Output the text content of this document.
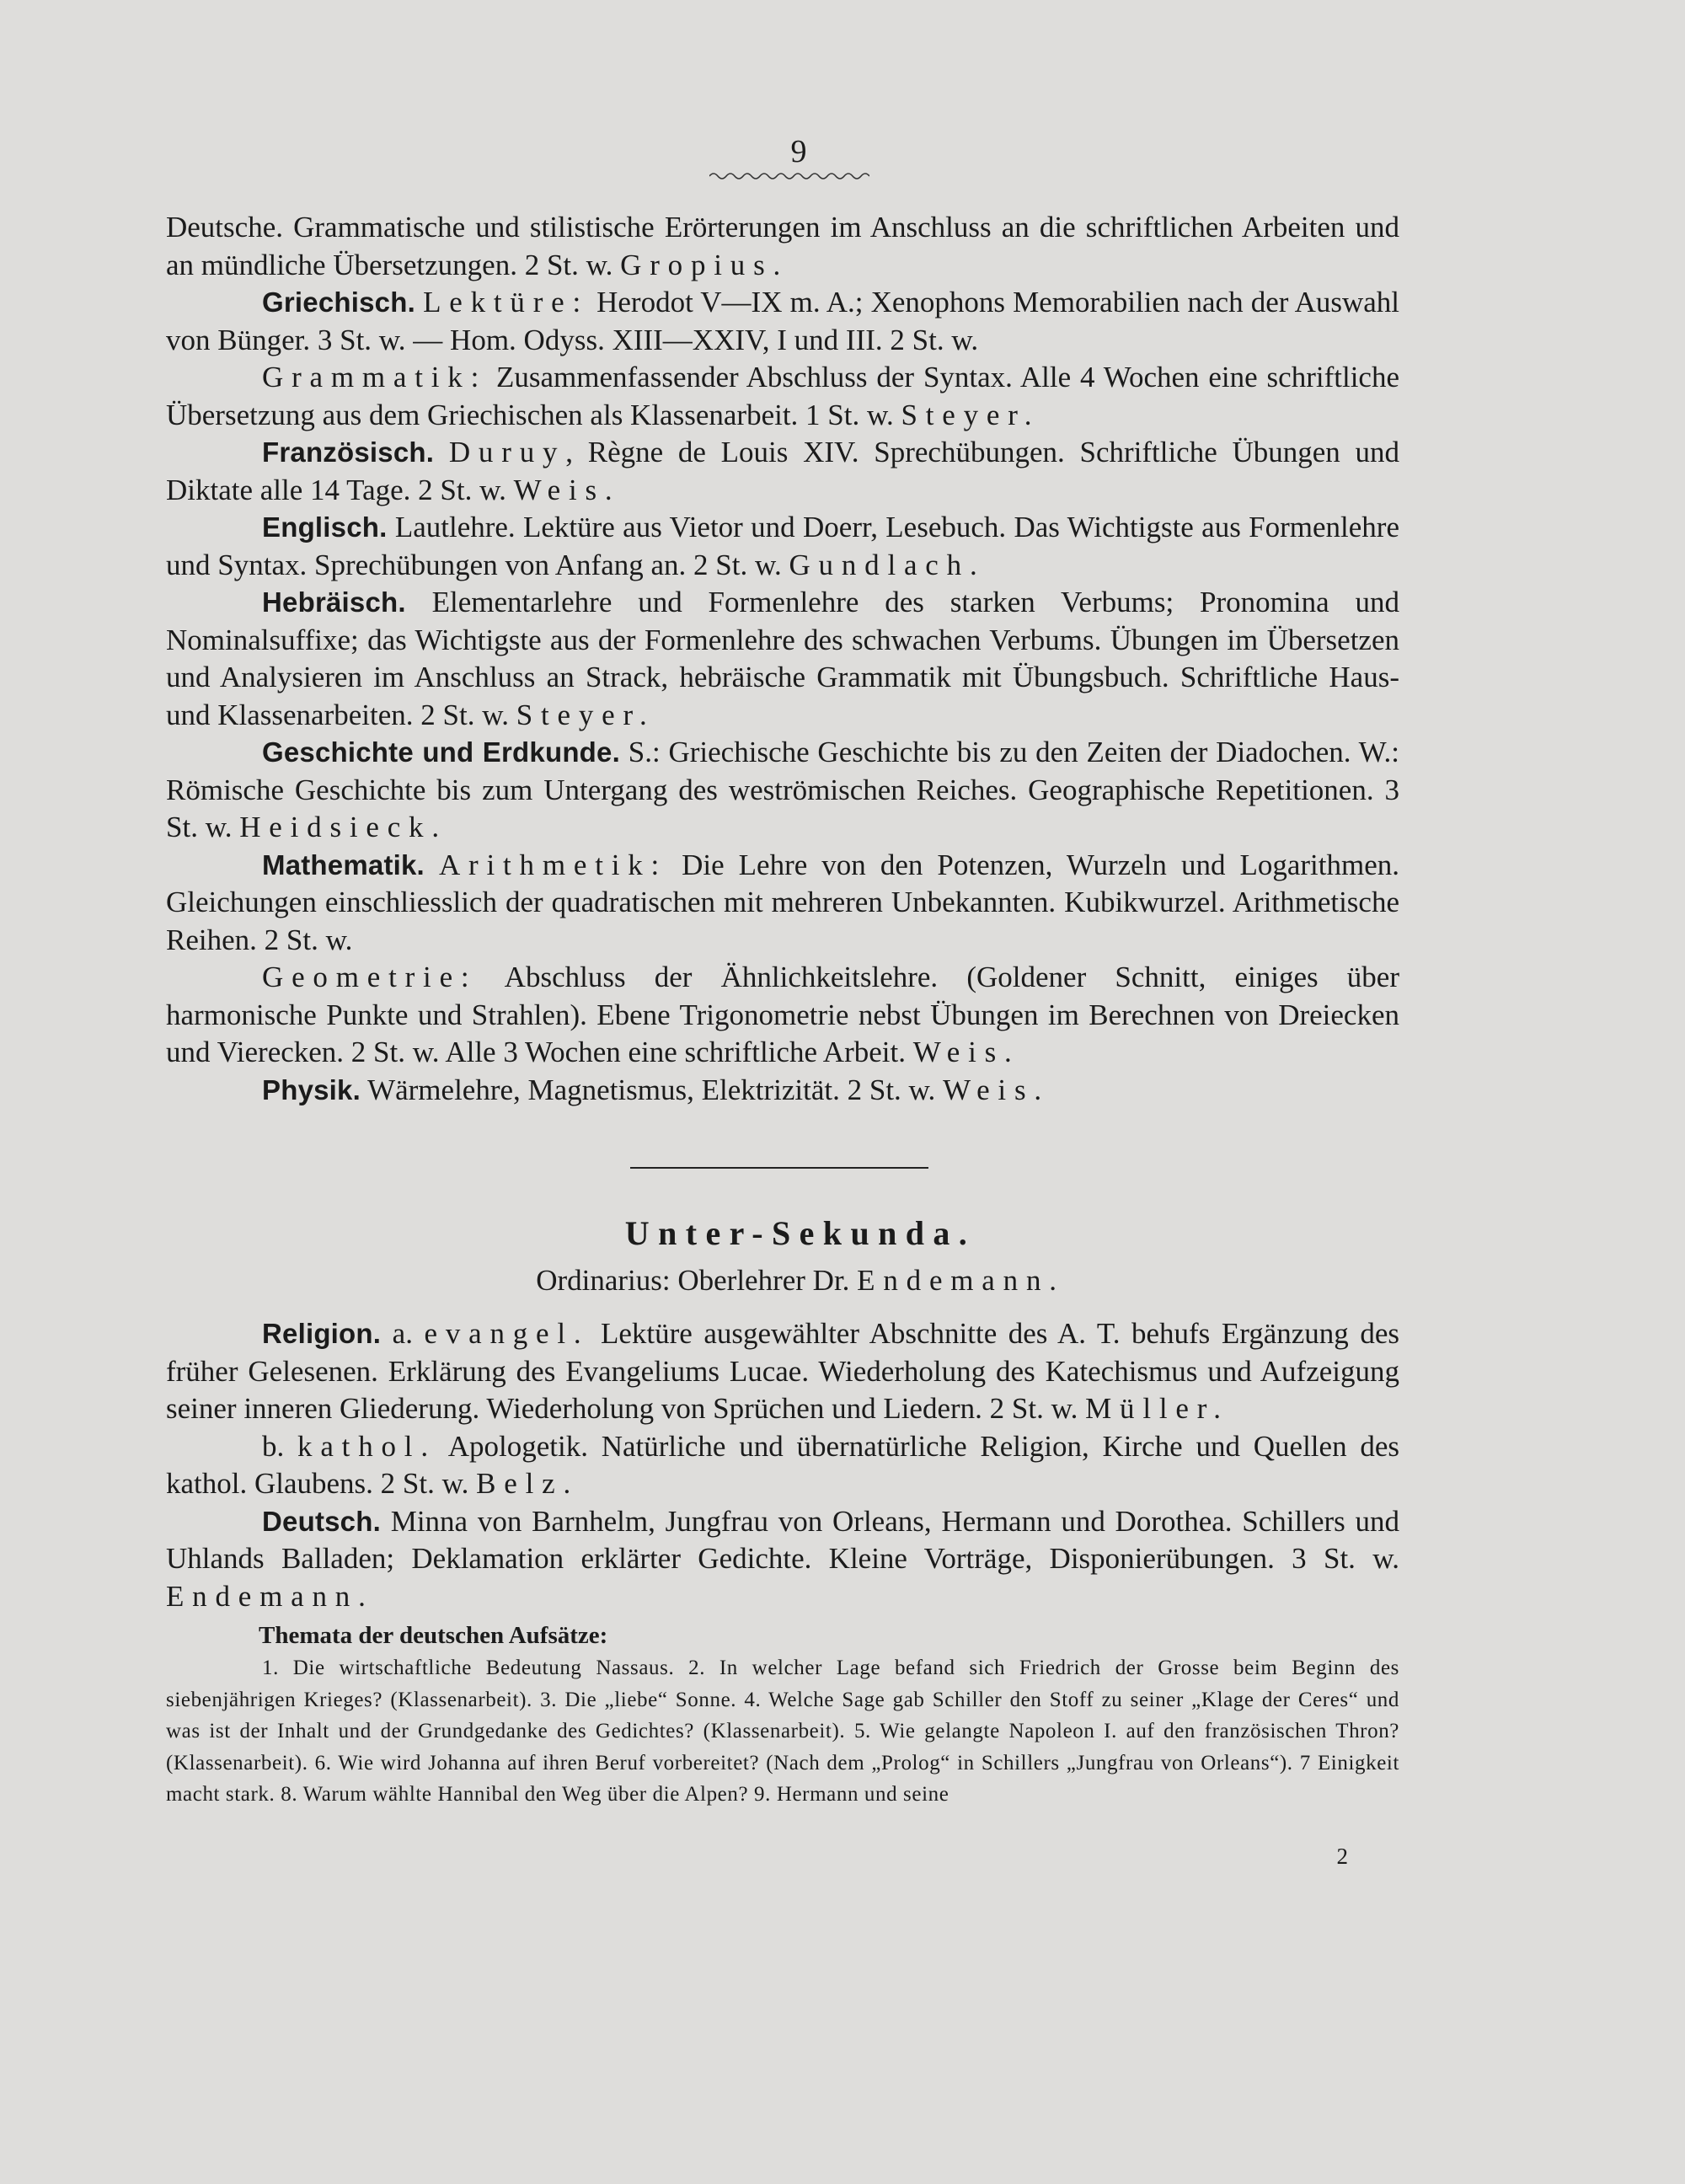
9

Deutsche. Grammatische und stilistische Erörterungen im Anschluss an die schriftlichen Arbeiten und an mündliche Übersetzungen. 2 St. w. Gropius.

Griechisch. Lektüre: Herodot V—IX m. A.; Xenophons Memorabilien nach der Auswahl von Bünger. 3 St. w. — Hom. Odyss. XIII—XXIV, I und III. 2 St. w.

Grammatik: Zusammenfassender Abschluss der Syntax. Alle 4 Wochen eine schriftliche Übersetzung aus dem Griechischen als Klassenarbeit. 1 St. w. Steyer.

Französisch. Duruy, Règne de Louis XIV. Sprechübungen. Schriftliche Übungen und Diktate alle 14 Tage. 2 St. w. Weis.

Englisch. Lautlehre. Lektüre aus Vietor und Doerr, Lesebuch. Das Wichtigste aus Formenlehre und Syntax. Sprechübungen von Anfang an. 2 St. w. Gundlach.

Hebräisch. Elementarlehre und Formenlehre des starken Verbums; Pronomina und Nominalsuffixe; das Wichtigste aus der Formenlehre des schwachen Verbums. Übungen im Übersetzen und Analysieren im Anschluss an Strack, hebräische Grammatik mit Übungsbuch. Schriftliche Haus- und Klassenarbeiten. 2 St. w. Steyer.

Geschichte und Erdkunde. S.: Griechische Geschichte bis zu den Zeiten der Diadochen. W.: Römische Geschichte bis zum Untergang des weströmischen Reiches. Geographische Repetitionen. 3 St. w. Heidsieck.

Mathematik. Arithmetik: Die Lehre von den Potenzen, Wurzeln und Logarithmen. Gleichungen einschliesslich der quadratischen mit mehreren Unbekannten. Kubikwurzel. Arithmetische Reihen. 2 St. w.

Geometrie: Abschluss der Ähnlichkeitslehre. (Goldener Schnitt, einiges über harmonische Punkte und Strahlen). Ebene Trigonometrie nebst Übungen im Berechnen von Dreiecken und Vierecken. 2 St. w. Alle 3 Wochen eine schriftliche Arbeit. Weis.

Physik. Wärmelehre, Magnetismus, Elektrizität. 2 St. w. Weis.

Unter-Sekunda.
Ordinarius: Oberlehrer Dr. Endemann.

Religion. a. evangel. Lektüre ausgewählter Abschnitte des A. T. behufs Ergänzung des früher Gelesenen. Erklärung des Evangeliums Lucae. Wiederholung des Katechismus und Aufzeigung seiner inneren Gliederung. Wiederholung von Sprüchen und Liedern. 2 St. w. Müller.

b. kathol. Apologetik. Natürliche und übernatürliche Religion, Kirche und Quellen des kathol. Glaubens. 2 St. w. Belz.

Deutsch. Minna von Barnhelm, Jungfrau von Orleans, Hermann und Dorothea. Schillers und Uhlands Balladen; Deklamation erklärter Gedichte. Kleine Vorträge, Disponierübungen. 3 St. w. Endemann.

Themata der deutschen Aufsätze:

1. Die wirtschaftliche Bedeutung Nassaus. 2. In welcher Lage befand sich Friedrich der Grosse beim Beginn des siebenjährigen Krieges? (Klassenarbeit). 3. Die „liebe“ Sonne. 4. Welche Sage gab Schiller den Stoff zu seiner „Klage der Ceres“ und was ist der Inhalt und der Grundgedanke des Gedichtes? (Klassenarbeit). 5. Wie gelangte Napoleon I. auf den französischen Thron? (Klassenarbeit). 6. Wie wird Johanna auf ihren Beruf vorbereitet? (Nach dem „Prolog“ in Schillers „Jungfrau von Orleans“). 7 Einigkeit macht stark. 8. Warum wählte Hannibal den Weg über die Alpen? 9. Hermann und seine

2
